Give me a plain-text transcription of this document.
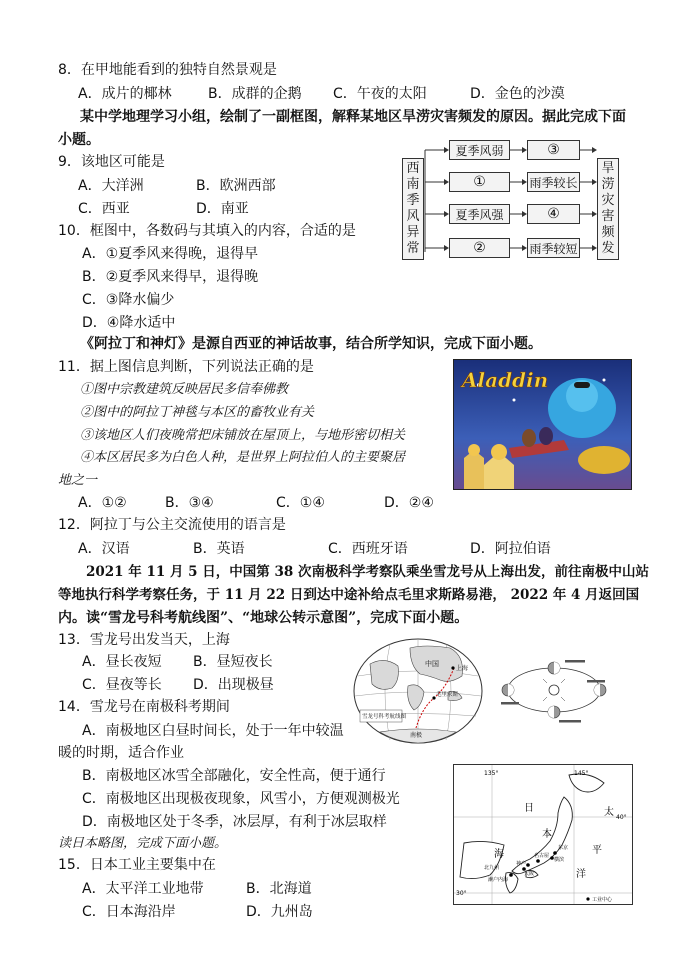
8．在甲地能看到的独特自然景观是
A．成片的椰林	B．成群的企鹅 C．午夜的太阳	D．金色的沙漠
某中学地理学习小组，绘制了一副框图，解释某地区旱涝灾害频发的原因。据此完成下面
小题。
9．该地区可能是
A．大洋洲	B．欧洲西部
C．西亚	D．南亚
10．框图中，各数码与其填入的内容，合适的是
A．①夏季风来得晚，退得早
B．②夏季风来得早，退得晚
C．③降水偏少
D．④降水适中
西
南
季
风
异
常
旱
涝
灾
害
频
发
夏季风弱	③
①	雨季较长
夏季风强	④
②	雨季较短
《阿拉丁和神灯》是源自西亚的神话故事，结合所学知识，完成下面小题。
11．据上图信息判断，下列说法正确的是
①图中宗教建筑反映居民多信奉佛教
②图中的阿拉丁神毯与本区的畜牧业有关
③该地区人们夜晚常把床铺放在屋顶上，与地形密切相关
④本区居民多为白色人种，是世界上阿拉伯人的主要聚居
地之一
A．①②	B．③④	C．①④	D．②④
Aladdin
12．阿拉丁与公主交流使用的语言是
A．汉语	B．英语	C．西班牙语	D．阿拉伯语
2021 年 11 月 5 日，中国第 38 次南极科学考察队乘坐雪龙号从上海出发，前往南极中山站
等地执行科学考察任务，于 11 月 22 日到达中途补给点毛里求斯路易港， 2022 年 4 月返回国
内。读“雪龙号科考航线图”、“地球公转示意图”，完成下面小题。
13．雪龙号出发当天，上海
A．昼长夜短 B．昼短夜长
C．昼夜等长 D．出现极昼
中国
上海
毛里求斯
南极
雪龙号科考航线图
14．雪龙号在南极科考期间
A．南极地区白昼时间长，处于一年中较温
暖的时期，适合作业
B．南极地区冰雪全部融化，安全性高，便于通行
C．南极地区出现极夜现象，风雪小，方便观测极光
D．南极地区处于冬季，冰层厚，有利于冰层取样
读日本略图，完成下面小题。
15．日本工业主要集中在
A．太平洋工业地带	B．北海道
C．日本海沿岸	D．九州岛
135°	145°
40°
30°
日
本
海
太
平
洋
东京
横滨
名古屋
大阪
神户
北九州
濑户内海
工业中心
